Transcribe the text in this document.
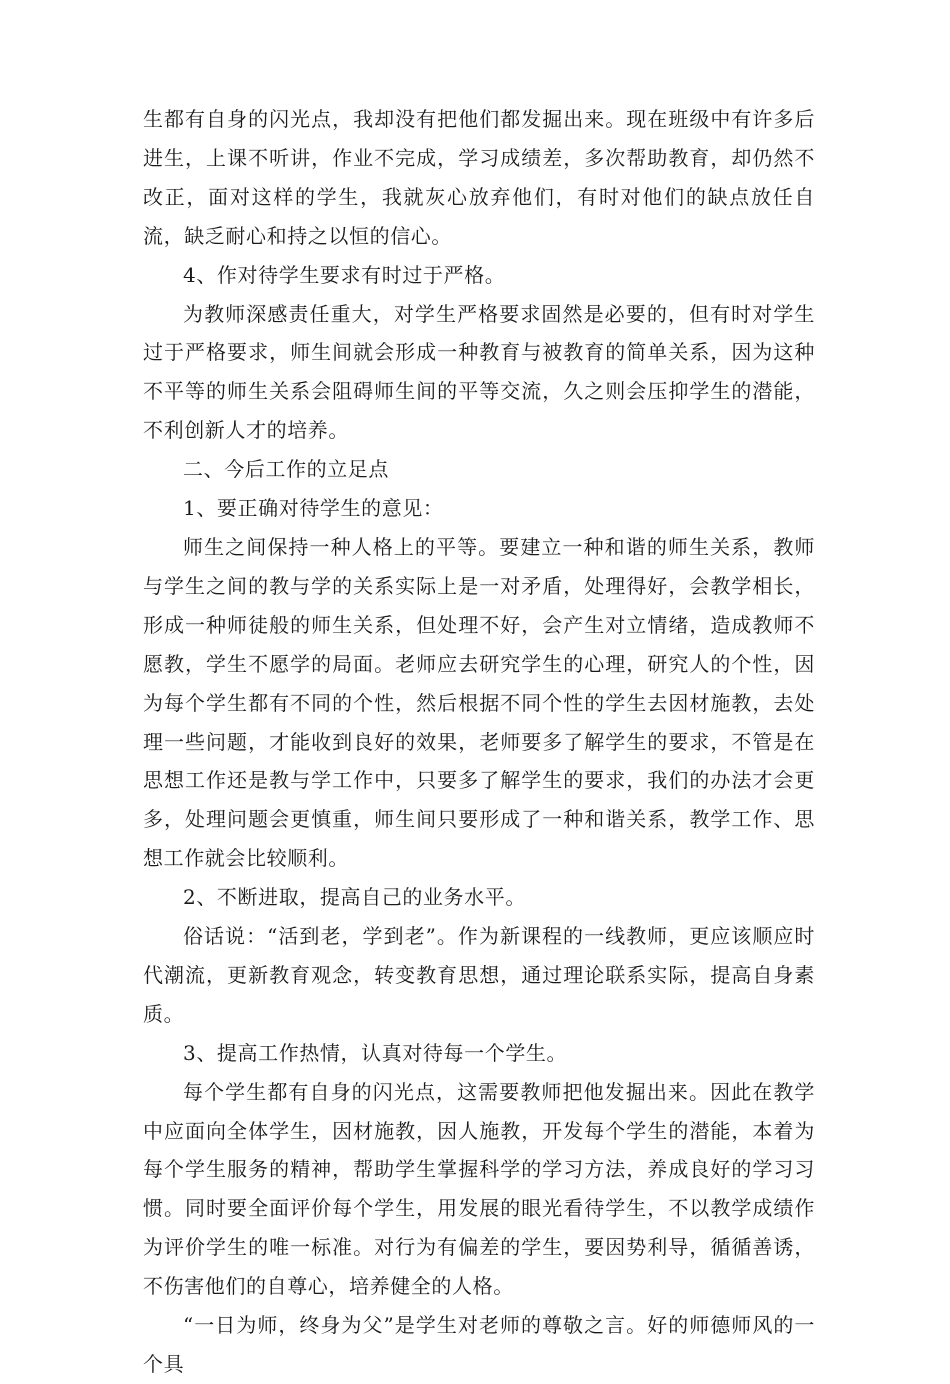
生都有自身的闪光点，我却没有把他们都发掘出来。现在班级中有许多后进生，上课不听讲，作业不完成，学习成绩差，多次帮助教育，却仍然不改正，面对这样的学生，我就灰心放弃他们，有时对他们的缺点放任自流，缺乏耐心和持之以恒的信心。

4、作对待学生要求有时过于严格。

为教师深感责任重大，对学生严格要求固然是必要的，但有时对学生过于严格要求，师生间就会形成一种教育与被教育的简单关系，因为这种不平等的师生关系会阻碍师生间的平等交流，久之则会压抑学生的潜能，不利创新人才的培养。

二、今后工作的立足点

1、要正确对待学生的意见：

师生之间保持一种人格上的平等。要建立一种和谐的师生关系，教师与学生之间的教与学的关系实际上是一对矛盾，处理得好，会教学相长，形成一种师徒般的师生关系，但处理不好，会产生对立情绪，造成教师不愿教，学生不愿学的局面。老师应去研究学生的心理，研究人的个性，因为每个学生都有不同的个性，然后根据不同个性的学生去因材施教，去处理一些问题，才能收到良好的效果，老师要多了解学生的要求，不管是在思想工作还是教与学工作中，只要多了解学生的要求，我们的办法才会更多，处理问题会更慎重，师生间只要形成了一种和谐关系，教学工作、思想工作就会比较顺利。

2、不断进取，提高自己的业务水平。

俗话说：“活到老，学到老”。作为新课程的一线教师，更应该顺应时代潮流，更新教育观念，转变教育思想，通过理论联系实际，提高自身素质。

3、提高工作热情，认真对待每一个学生。

每个学生都有自身的闪光点，这需要教师把他发掘出来。因此在教学中应面向全体学生，因材施教，因人施教，开发每个学生的潜能，本着为每个学生服务的精神，帮助学生掌握科学的学习方法，养成良好的学习习惯。同时要全面评价每个学生，用发展的眼光看待学生，不以教学成绩作为评价学生的唯一标准。对行为有偏差的学生，要因势利导，循循善诱，不伤害他们的自尊心，培养健全的人格。

“一日为师，终身为父”是学生对老师的尊敬之言。好的师德师风的一个具
